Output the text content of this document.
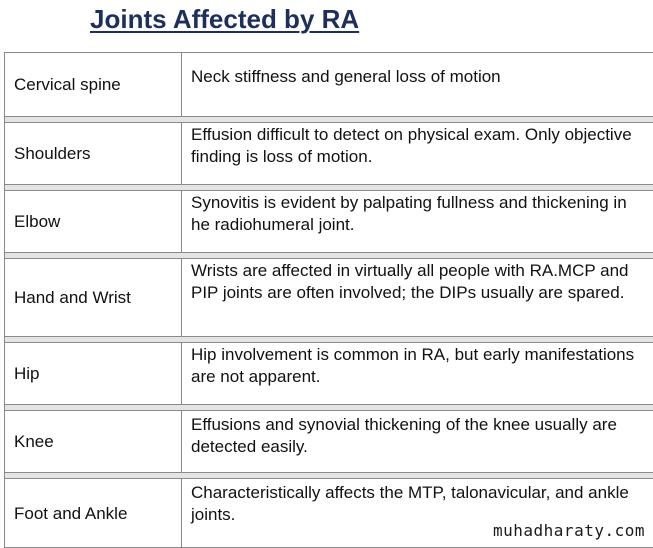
Joints Affected by RA
Cervical spine	Neck stiffness and general loss of motion
Shoulders
Effusion difficult to detect on physical exam. Only objective finding is loss of motion.
Elbow
Synovitis is evident by palpating fullness and thickening in he radiohumeral joint.
Hand and Wrist
Wrists are affected in virtually all people with RA.MCP and PIP joints are often involved; the DIPs usually are spared.
Hip
Hip involvement is common in RA, but early manifestations are not apparent.
Knee
Effusions and synovial thickening of the knee usually are detected easily.
Foot and Ankle
Characteristically affects the MTP, talonavicular, and ankle joints.
muhadharaty.com
